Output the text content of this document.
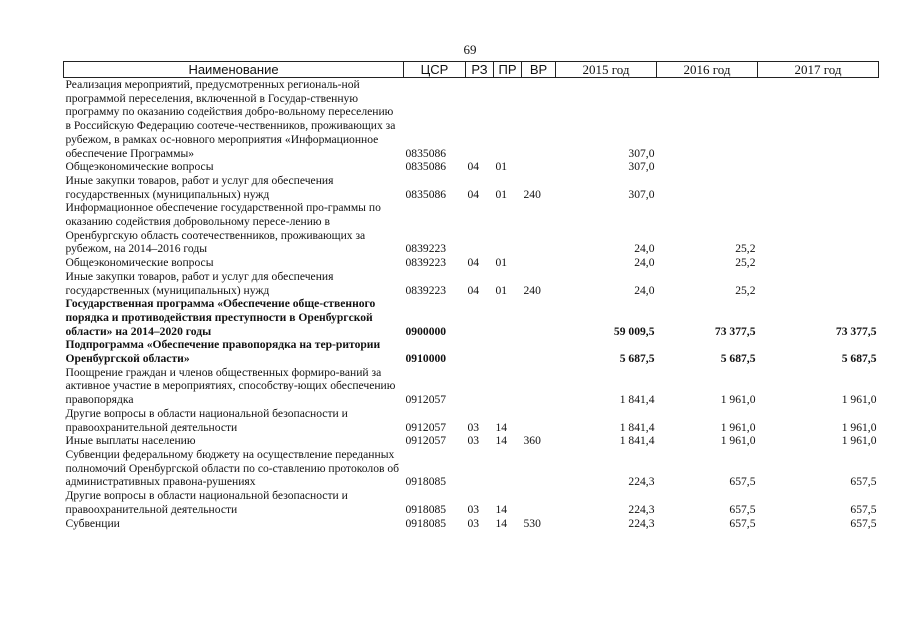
69
Наименование	ЦСР	РЗ	ПР	ВР	2015 год	2016 год	2017 год
Реализация мероприятий, предусмотренных региональ-ной программой переселения, включенной в Государ-ственную программу по оказанию содействия добро-вольному переселению в Российскую Федерацию соотече-чественников, проживающих за рубежом, в рамках ос-новного мероприятия «Информационное обеспечение Программы»	0835086				307,0		
Общеэкономические вопросы	0835086	04	01		307,0		
Иные закупки товаров, работ и услуг для обеспечения государственных (муниципальных) нужд	0835086	04	01	240	307,0		
Информационное обеспечение государственной про-граммы по оказанию содействия добровольному пересе-лению в Оренбургскую область соотечественников, проживающих за рубежом, на 2014–2016 годы	0839223				24,0	25,2	
Общеэкономические вопросы	0839223	04	01		24,0	25,2	
Иные закупки товаров, работ и услуг для обеспечения государственных (муниципальных) нужд	0839223	04	01	240	24,0	25,2	
Государственная программа «Обеспечение обще-ственного порядка и противодействия преступности в Оренбургской области» на 2014–2020 годы	0900000				59 009,5	73 377,5	73 377,5
Подпрограмма «Обеспечение правопорядка на тер-ритории Оренбургской области»	0910000				5 687,5	5 687,5	5 687,5
Поощрение граждан и членов общественных формиро-ваний за активное участие в мероприятиях, способству-ющих обеспечению правопорядка	0912057				1 841,4	1 961,0	1 961,0
Другие вопросы в области национальной безопасности и правоохранительной деятельности	0912057	03	14		1 841,4	1 961,0	1 961,0
Иные выплаты населению	0912057	03	14	360	1 841,4	1 961,0	1 961,0
Субвенции федеральному бюджету на осуществление переданных полномочий Оренбургской области по со-ставлению протоколов об административных правона-рушениях	0918085				224,3	657,5	657,5
Другие вопросы в области национальной безопасности и правоохранительной деятельности	0918085	03	14		224,3	657,5	657,5
Субвенции	0918085	03	14	530	224,3	657,5	657,5
